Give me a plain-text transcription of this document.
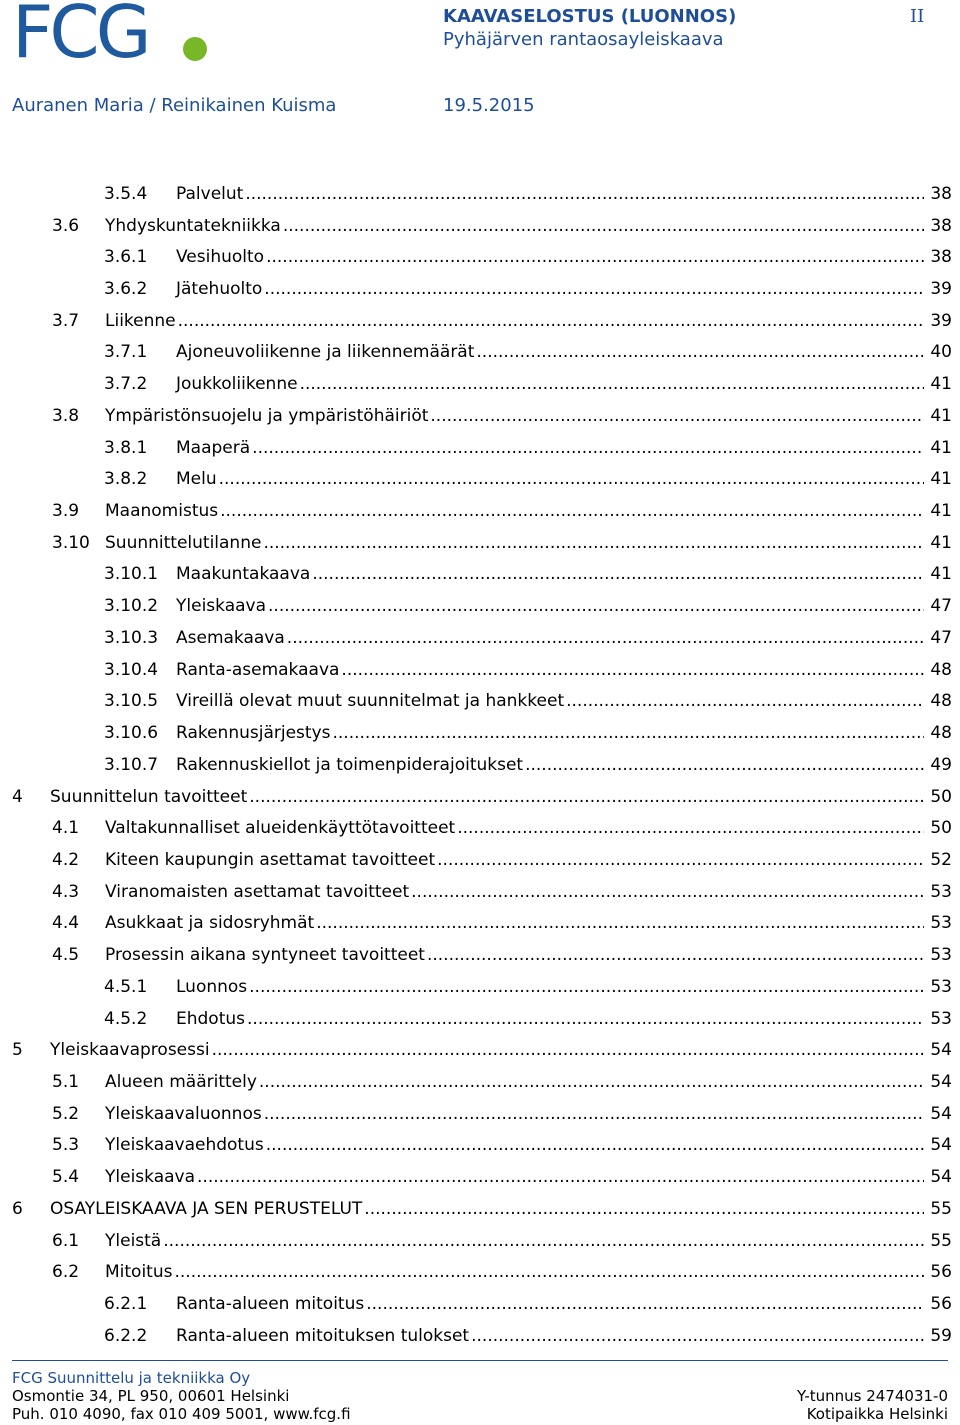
FCG	KAAVASELOSTUS (LUONNOS)
Pyhäjärven rantaosayleiskaava
II
Auranen Maria / Reinikainen Kuisma	19.5.2015
3.5.4	Palvelut .....	38
3.6	Yhdyskuntatekniikka .....	38
3.6.1	Vesihuolto .....	38
3.6.2	Jätehuolto .....	39
3.7	Liikenne .....	39
3.7.1	Ajoneuvoliikenne ja liikennemäärät .....	40
3.7.2	Joukkoliikenne .....	41
3.8	Ympäristönsuojelu ja ympäristöhäiriöt .....	41
3.8.1	Maaperä .....	41
3.8.2	Melu .....	41
3.9	Maanomistus .....	41
3.10 Suunnittelutilanne .....	41
3.10.1	Maakuntakaava .....	41
3.10.2	Yleiskaava .....	47
3.10.3	Asemakaava .....	47
3.10.4	Ranta-asemakaava .....	48
3.10.5	Vireillä olevat muut suunnitelmat ja hankkeet .....	48
3.10.6	Rakennusjärjestys .....	48
3.10.7	Rakennuskiellot ja toimenpiderajoitukset .....	49
4	Suunnittelun tavoitteet .....	50
4.1	Valtakunnalliset alueidenkäyttötavoitteet .....	50
4.2	Kiteen kaupungin asettamat tavoitteet .....	52
4.3	Viranomaisten asettamat tavoitteet .....	53
4.4	Asukkaat ja sidosryhmät .....	53
4.5	Prosessin aikana syntyneet tavoitteet .....	53
4.5.1	Luonnos .....	53
4.5.2	Ehdotus .....	53
5	Yleiskaavaprosessi .....	54
5.1	Alueen määrittely .....	54
5.2	Yleiskaavaluonnos .....	54
5.3	Yleiskaavaehdotus .....	54
5.4	Yleiskaava .....	54
6	OSAYLEISKAAVA JA SEN PERUSTELUT .....	55
6.1	Yleistä .....	55
6.2	Mitoitus .....	56
6.2.1	Ranta-alueen mitoitus .....	56
6.2.2	Ranta-alueen mitoituksen tulokset .....	59
FCG Suunnittelu ja tekniikka Oy
Osmontie 34, PL 950, 00601 Helsinki
Puh. 010 4090, fax 010 409 5001, www.fcg.fi
Y-tunnus 2474031-0
Kotipaikka Helsinki
